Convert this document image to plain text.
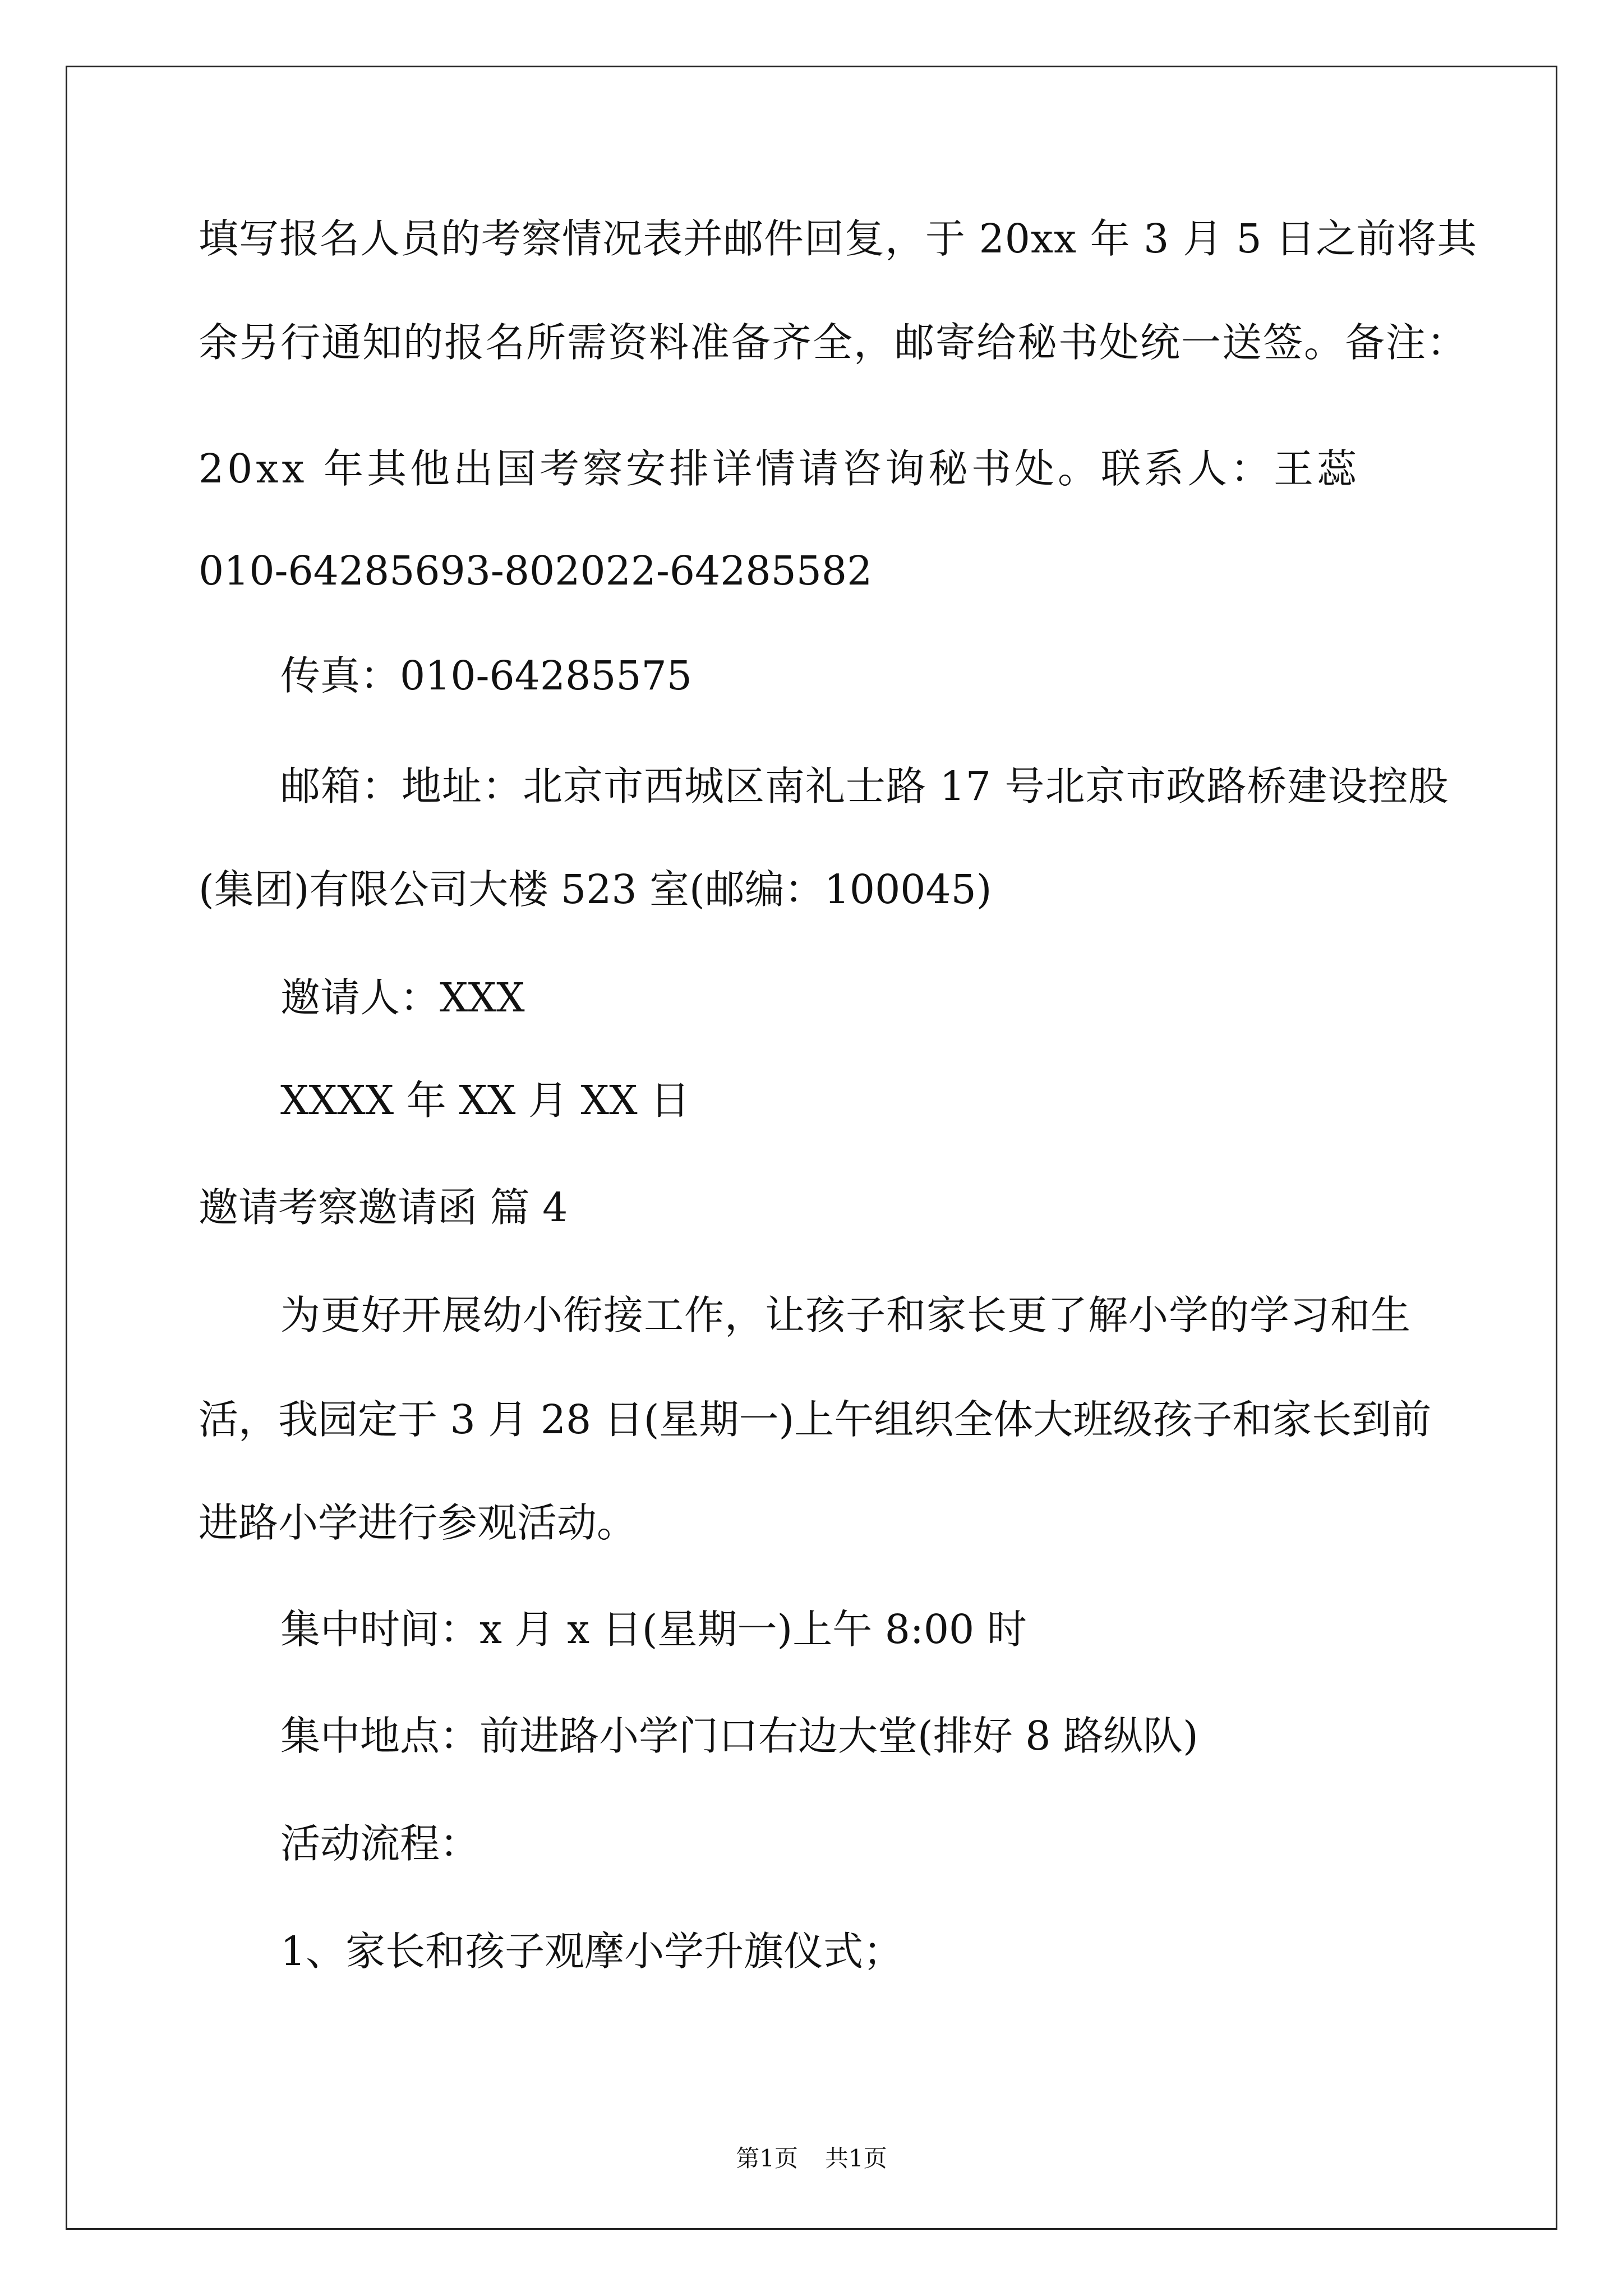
填写报名人员的考察情况表并邮件回复，于 20xx 年 3 月 5 日之前将其
余另行通知的报名所需资料准备齐全，邮寄给秘书处统一送签。备注：
20xx 年其他出国考察安排详情请咨询秘书处。联系人：王蕊
010-64285693-802022-64285582
传真：010-64285575
邮箱：地址：北京市西城区南礼士路 17 号北京市政路桥建设控股
(集团)有限公司大楼 523 室(邮编：100045)
邀请人：XXX
XXXX 年 XX 月 XX 日
邀请考察邀请函 篇 4
为更好开展幼小衔接工作，让孩子和家长更了解小学的学习和生
活，我园定于 3 月 28 日(星期一)上午组织全体大班级孩子和家长到前
进路小学进行参观活动。
集中时间：x 月 x 日(星期一)上午 8:00 时
集中地点：前进路小学门口右边大堂(排好 8 路纵队)
活动流程：
1、家长和孩子观摩小学升旗仪式；
第1页 共1页
